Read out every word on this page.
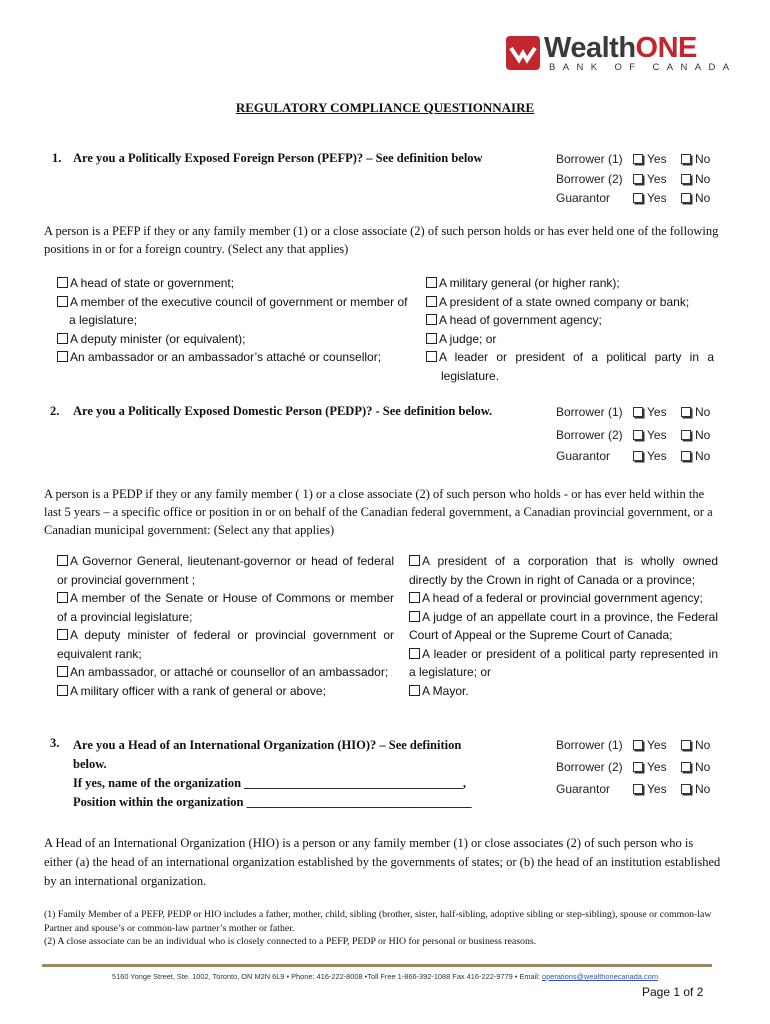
WealthONE
BANK OF CANADA
REGULATORY COMPLIANCE QUESTIONNAIRE
1. Are you a Politically Exposed Foreign Person (PEFP)? – See definition below	Borrower (1) Yes No
Borrower (2) Yes No
Guarantor	Yes No
A person is a PEFP if they or any family member (1) or a close associate (2) of such person holds or has ever held one of the following positions in or for a foreign country. (Select any that applies)
A head of state or government;
A member of the executive council of government or member of a legislature;
A deputy minister (or equivalent);
An ambassador or an ambassador’s attaché or counsellor;
A military general (or higher rank);
A president of a state owned company or bank;
A head of government agency;
A judge; or
A leader or president of a political party in a legislature.
2. Are you a Politically Exposed Domestic Person (PEDP)? - See definition below.	Borrower (1) Yes No
Borrower (2) Yes No
Guarantor	Yes No
A person is a PEDP if they or any family member ( 1) or a close associate (2) of such person who holds - or has ever held within the last 5 years – a specific office or position in or on behalf of the Canadian federal government, a Canadian provincial government, or a Canadian municipal government: (Select any that applies)
A Governor General, lieutenant-governor or head of federal or provincial government ;
A member of the Senate or House of Commons or member of a provincial legislature;
A deputy minister of federal or provincial government or equivalent rank;
An ambassador, or attaché or counsellor of an ambassador;
A military officer with a rank of general or above;
A president of a corporation that is wholly owned directly by the Crown in right of Canada or a province;
A head of a federal or provincial government agency;
A judge of an appellate court in a province, the Federal Court of Appeal or the Supreme Court of Canada;
A leader or president of a political party represented in a legislature; or
A Mayor.
3. Are you a Head of an International Organization (HIO)? – See definition
below.
If yes, name of the organization ___________________________________,
Position within the organization ____________________________________
Borrower (1) Yes No
Borrower (2) Yes No
Guarantor	Yes No
A Head of an International Organization (HIO) is a person or any family member (1) or close associates (2) of such person who is either (a) the head of an international organization established by the governments of states; or (b) the head of an institution established by an international organization.
(1) Family Member of a PEFP, PEDP or HIO includes a father, mother, child, sibling (brother, sister, half-sibling, adoptive sibling or step-sibling), spouse or common-law Partner and spouse’s or common-law partner’s mother or father.
(2) A close associate can be an individual who is closely connected to a PEFP, PEDP or HIO for personal or business reasons.
5160 Yonge Street, Ste. 1002, Toronto, ON M2N 6L9 • Phone: 416-222-8008 •Toll Free 1-866-392-1088 Fax 416-222-9779 • Email: operations@wealthonecanada.com
Page 1 of 2
